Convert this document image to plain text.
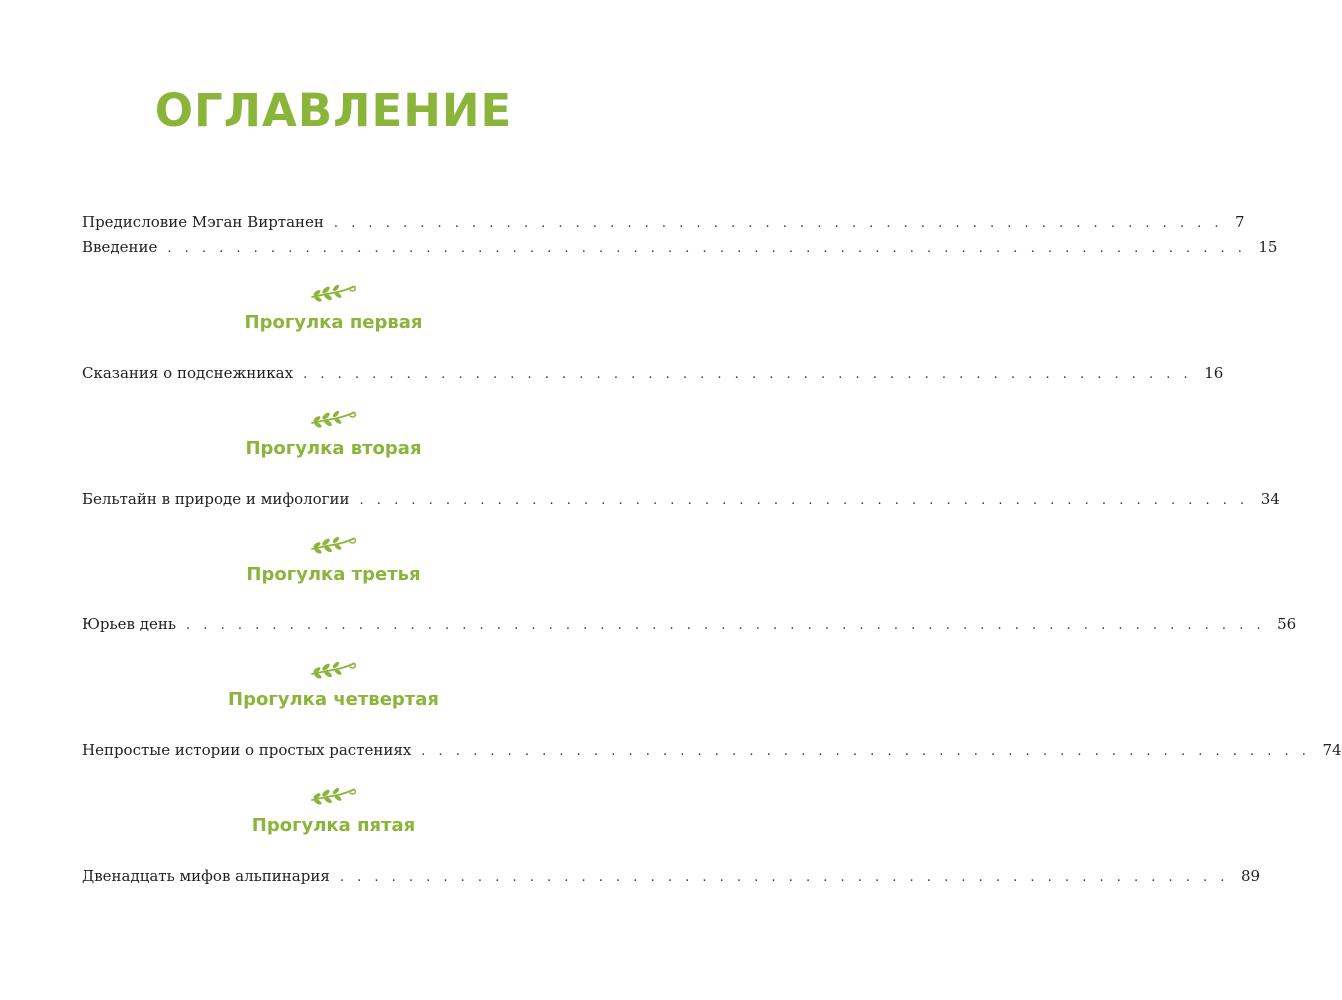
ОГЛАВЛЕНИЕ
Предисловие Мэган Виртанен . . . . . . . . . . . . . . . . . . . . . . . . . . . . . . . . . . . . . . . . . . . . . . . . . . . . 7
Введение . . . . . . . . . . . . . . . . . . . . . . . . . . . . . . . . . . . . . . . . . . . . . . . . . . . . . . . . . . . . . . . 15
Прогулка первая
Сказания о подснежниках . . . . . . . . . . . . . . . . . . . . . . . . . . . . . . . . . . . . . . . . . . . . . . . . . . . . 16
Прогулка вторая
Бельтайн в природе и мифологии . . . . . . . . . . . . . . . . . . . . . . . . . . . . . . . . . . . . . . . . . . . . . . . . . . . . 34
Прогулка третья
Юрьев день . . . . . . . . . . . . . . . . . . . . . . . . . . . . . . . . . . . . . . . . . . . . . . . . . . . . . . . . . . . . . . . 56
Прогулка четвертая
Непростые истории о простых растениях . . . . . . . . . . . . . . . . . . . . . . . . . . . . . . . . . . . . . . . . . . . . . . . . . . . . 74
Прогулка пятая
Двенадцать мифов альпинария . . . . . . . . . . . . . . . . . . . . . . . . . . . . . . . . . . . . . . . . . . . . . . . . . . . . 89
